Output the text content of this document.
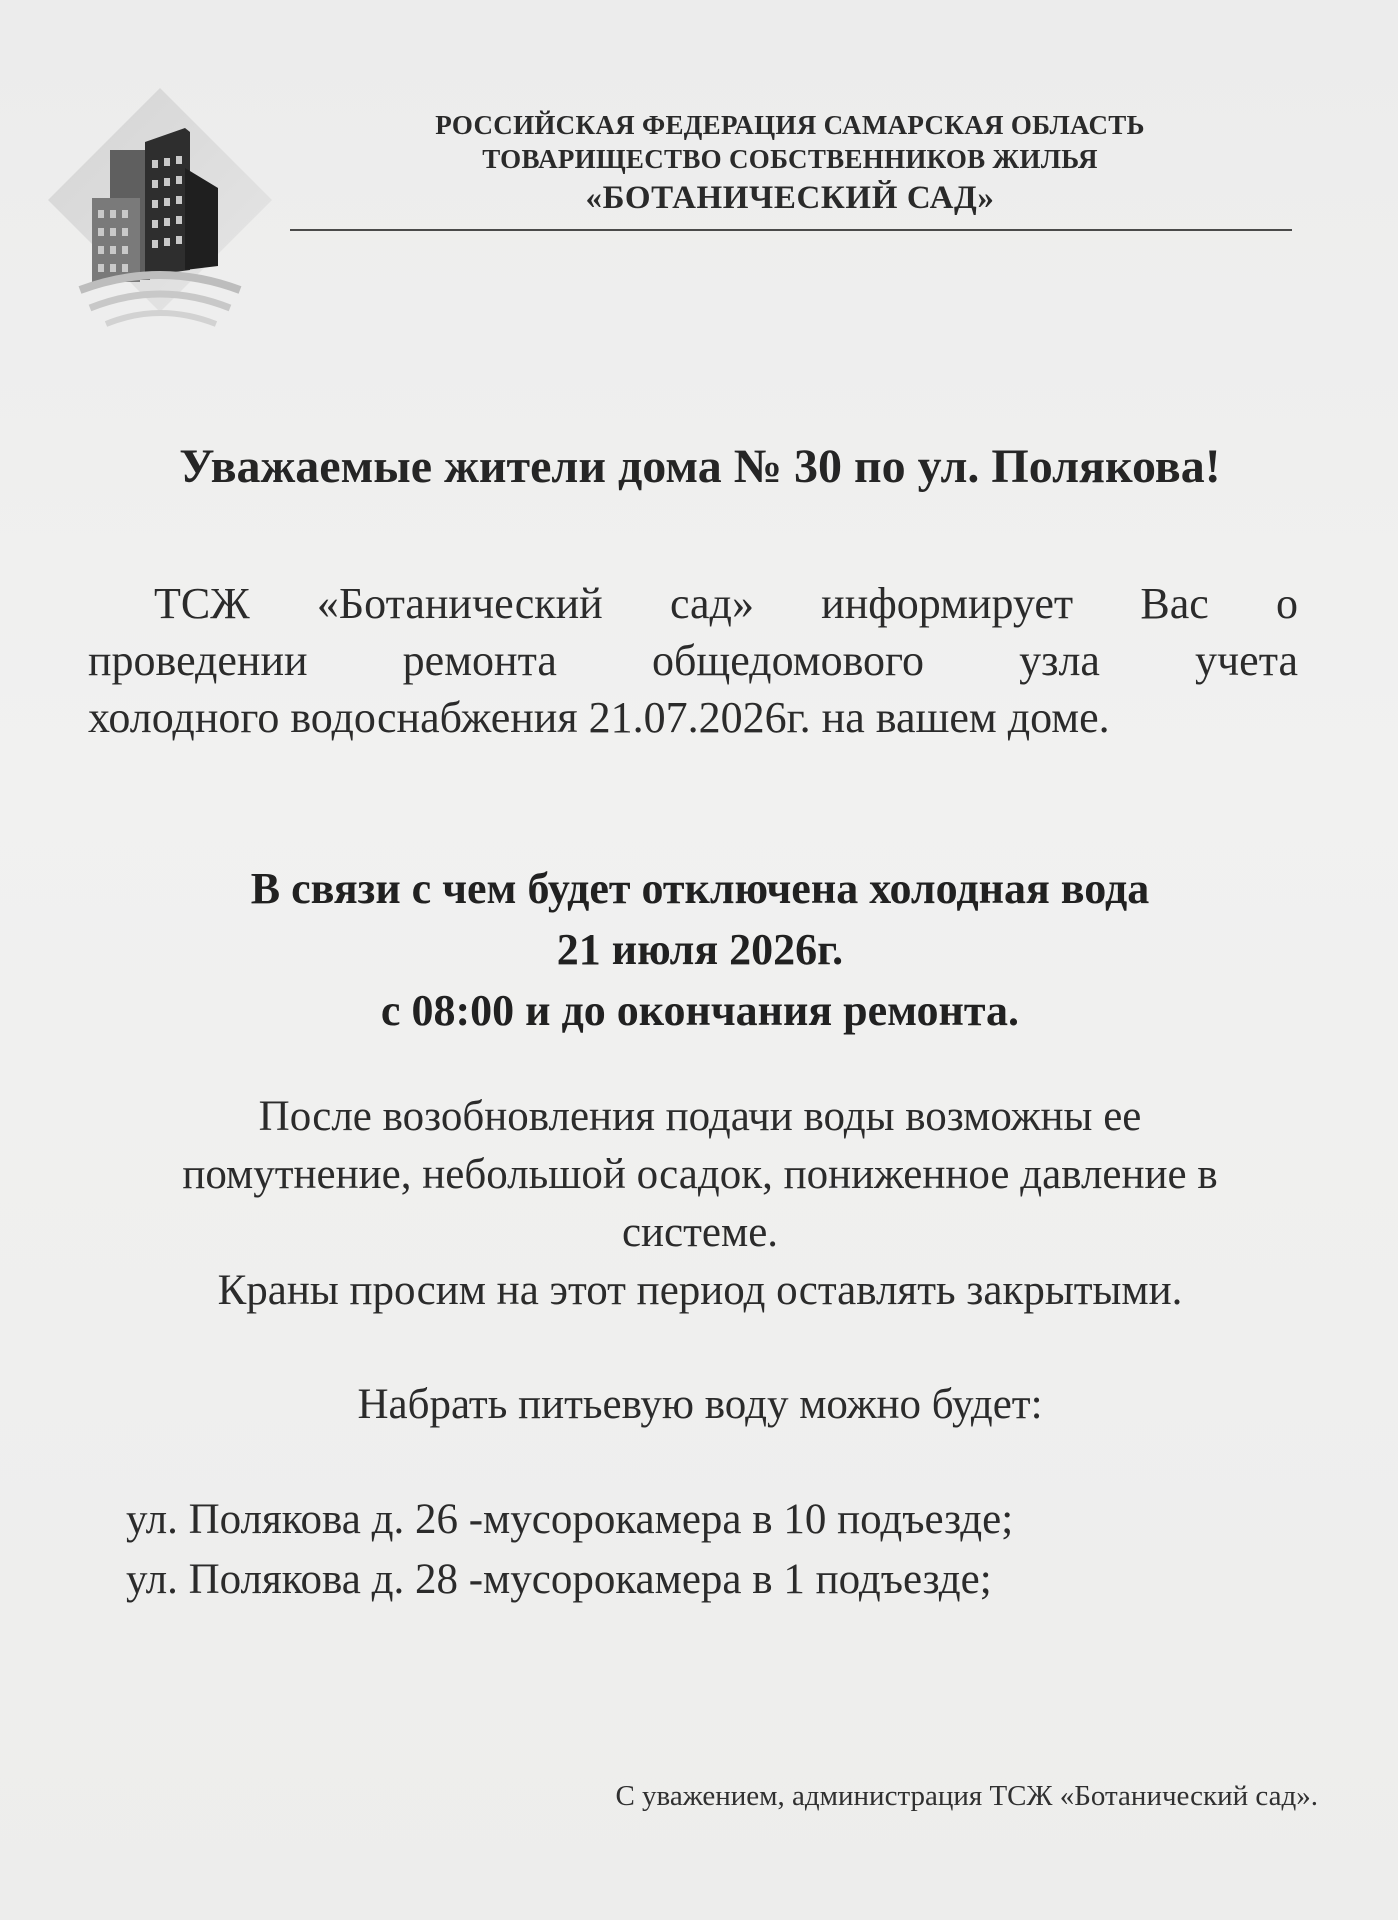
РОССИЙСКАЯ ФЕДЕРАЦИЯ САМАРСКАЯ ОБЛАСТЬ
ТОВАРИЩЕСТВО СОБСТВЕННИКОВ ЖИЛЬЯ
«БОТАНИЧЕСКИЙ САД»
Уважаемые жители дома № 30 по ул. Полякова!
ТСЖ «Ботанический сад» информирует Вас о
проведении ремонта общедомового узла учета
холодного водоснабжения 21.07.2026г. на вашем доме.
В связи с чем будет отключена холодная вода
21 июля 2026г.
с 08:00 и до окончания ремонта.
После возобновления подачи воды возможны ее
помутнение, небольшой осадок, пониженное давление в
системе.
Краны просим на этот период оставлять закрытыми.
Набрать питьевую воду можно будет:
ул. Полякова д. 26 -мусорокамера в 10 подъезде;
ул. Полякова д. 28 -мусорокамера в 1 подъезде;
С уважением, администрация ТСЖ «Ботанический сад».
